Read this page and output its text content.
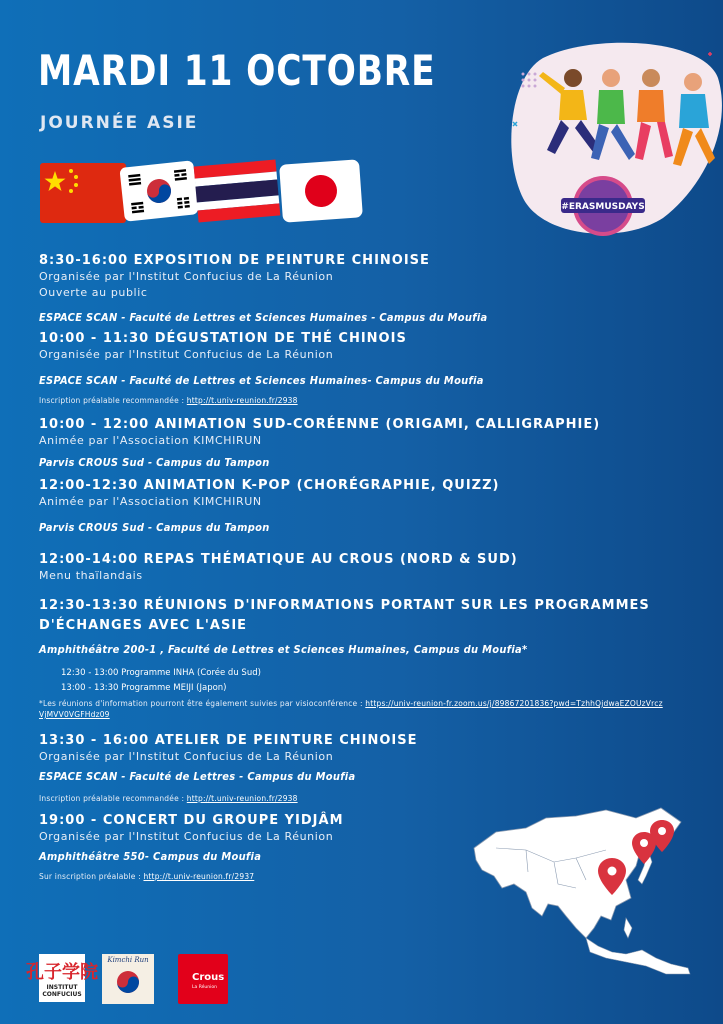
MARDI 11 OCTOBRE
JOURNÉE ASIE
#ERASMUSDAYS
8:30-16:00 EXPOSITION DE PEINTURE CHINOISE
Organisée par l'Institut Confucius de La Réunion
Ouverte au public
ESPACE SCAN - Faculté de Lettres et Sciences Humaines - Campus du Moufia
10:00 - 11:30 DÉGUSTATION DE THÉ CHINOIS
Organisée par l'Institut Confucius de La Réunion
ESPACE SCAN - Faculté de Lettres et Sciences Humaines- Campus du Moufia
Inscription préalable recommandée : http://t.univ-reunion.fr/2938
10:00 - 12:00 ANIMATION SUD-CORÉENNE (ORIGAMI, CALLIGRAPHIE)
Animée par l'Association KIMCHIRUN
Parvis CROUS Sud - Campus du Tampon
12:00-12:30 ANIMATION K-POP (CHORÉGRAPHIE, QUIZZ)
Animée par l'Association KIMCHIRUN
Parvis CROUS Sud - Campus du Tampon
12:00-14:00 REPAS THÉMATIQUE AU CROUS (NORD & SUD)
Menu thaïlandais
12:30-13:30 RÉUNIONS D'INFORMATIONS PORTANT SUR LES PROGRAMMES D'ÉCHANGES AVEC L'ASIE
Amphithéâtre 200-1 , Faculté de Lettres et Sciences Humaines, Campus du Moufia*
12:30 - 13:00 Programme INHA (Corée du Sud)
13:00 - 13:30 Programme MEIJI (Japon)
*Les réunions d'information pourront être également suivies par visioconférence : https://univ-reunion-fr.zoom.us/j/89867201836?pwd=TzhhQjdwaEZOUzVrcz VjMVV0VGFHdz09
13:30 - 16:00 ATELIER DE PEINTURE CHINOISE
Organisée par l'Institut Confucius de La Réunion
ESPACE SCAN - Faculté de Lettres - Campus du Moufia
Inscription préalable recommandée : http://t.univ-reunion.fr/2938
19:00 - CONCERT DU GROUPE YIDJÂM
Organisée par l'Institut Confucius de La Réunion
Amphithéâtre 550- Campus du Moufia
Sur inscription préalable : http://t.univ-reunion.fr/2937
孔子学院
INSTITUT CONFUCIUS
Kimchi Run
Crous
La Réunion
